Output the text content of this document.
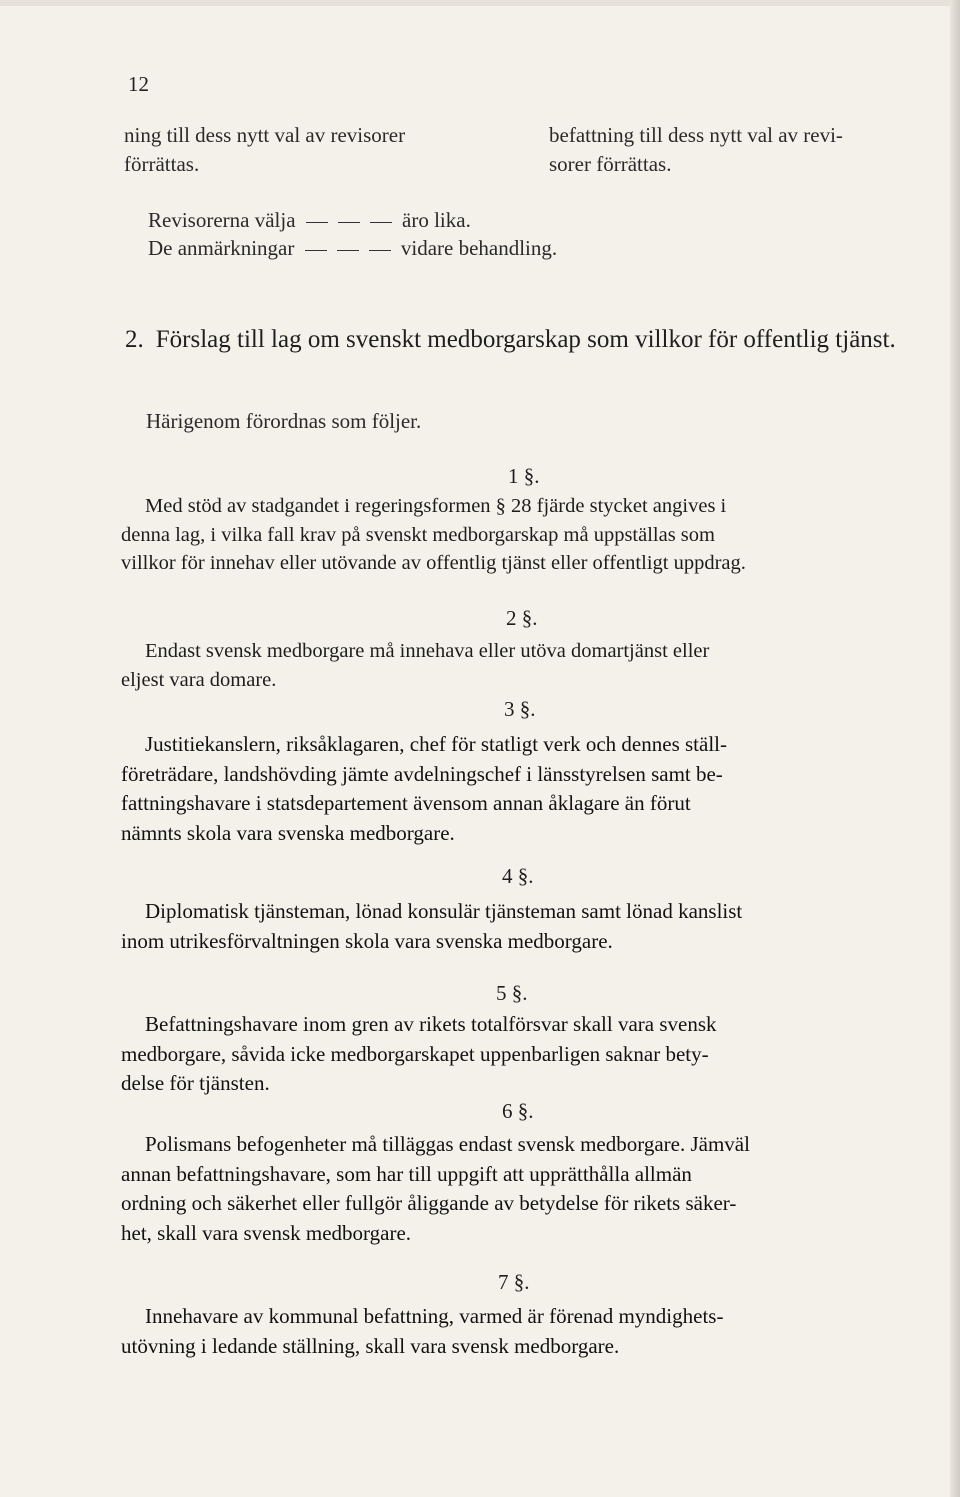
12
ning till dess nytt val av revisorer
förrättas.
befattning till dess nytt val av revi-
sorer förrättas.
Revisorerna välja	äro lika.
De anmärkningar	vidare behandling.
2. Förslag till lag om svenskt medborgarskap som villkor för offentlig tjänst.
Härigenom förordnas som följer.
1 §.
Med stöd av stadgandet i regeringsformen § 28 fjärde stycket angives i
denna lag, i vilka fall krav på svenskt medborgarskap må uppställas som
villkor för innehav eller utövande av offentlig tjänst eller offentligt uppdrag.
2 §.
Endast svensk medborgare må innehava eller utöva domartjänst eller
eljest vara domare.
3 §.
Justitiekanslern, riksåklagaren, chef för statligt verk och dennes ställ-
företrädare, landshövding jämte avdelningschef i länsstyrelsen samt be-
fattningshavare i statsdepartement ävensom annan åklagare än förut
nämnts skola vara svenska medborgare.
4 §.
Diplomatisk tjänsteman, lönad konsulär tjänsteman samt lönad kanslist
inom utrikesförvaltningen skola vara svenska medborgare.
5 §.
Befattningshavare inom gren av rikets totalförsvar skall vara svensk
medborgare, såvida icke medborgarskapet uppenbarligen saknar bety-
delse för tjänsten.
6 §.
Polismans befogenheter må tilläggas endast svensk medborgare. Jämväl
annan befattningshavare, som har till uppgift att upprätthålla allmän
ordning och säkerhet eller fullgör åliggande av betydelse för rikets säker-
het, skall vara svensk medborgare.
7 §.
Innehavare av kommunal befattning, varmed är förenad myndighets-
utövning i ledande ställning, skall vara svensk medborgare.
